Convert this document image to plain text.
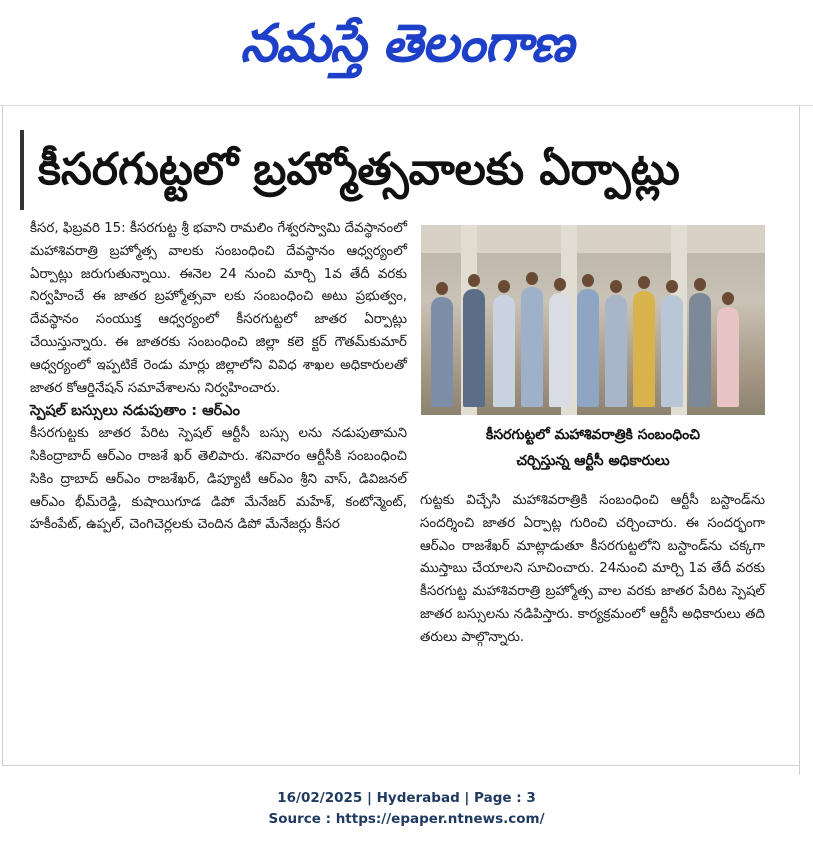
నమస్తే తెలంగాణ
కీసరగుట్టలో బ్రహ్మోత్సవాలకు ఏర్పాట్లు
కీసర, ఫిబ్రవరి 15: కీసరగుట్ట శ్రీ భవాని రామలిం గేశ్వరస్వామి దేవస్థానంలో మహాశివరాత్రి బ్రహ్మోత్స వాలకు సంబంధించి దేవస్థానం ఆధ్వర్యంలో ఏర్పాట్లు జరుగుతున్నాయి. ఈనెల 24 నుంచి మార్చి 1వ తేదీ వరకు నిర్వహించే ఈ జాతర బ్రహ్మోత్సవా లకు సంబంధించి అటు ప్రభుత్వం, దేవస్థానం సంయుక్త ఆధ్వర్యంలో కీసరగుట్టలో జాతర ఏర్పాట్లు చేయిస్తున్నారు. ఈ జాతరకు సంబంధించి జిల్లా కలె క్టర్ గౌతమ్‌కుమార్ ఆధ్వర్యంలో ఇప్పటికే రెండు మార్లు జిల్లాలోని వివిధ శాఖల అధికారులతో జాతర కోఆర్డినేషన్ సమావేశాలను నిర్వహించారు.
స్పెషల్ బస్సులు నడుపుతాం : ఆర్‌ఎం
కీసరగుట్టకు జాతర పేరిట స్పెషల్ ఆర్టీసీ బస్సు లను నడుపుతామని సికింద్రాబాద్ ఆర్‌ఎం రాజశే ఖర్ తెలిపారు. శనివారం ఆర్టీసీకి సంబంధించి సికిం ద్రాబాద్ ఆర్‌ఎం రాజశేఖర్, డిప్యూటీ ఆర్‌ఎం శ్రీని వాస్, డివిజనల్ ఆర్‌ఎం భీమ్‌రెడ్డి, కుషాయిగూడ డిపో మేనేజర్ మహేశ్, కంటోన్మెంట్, హకీంపేట్, ఉప్పల్, చెంగిచెర్లలకు చెందిన డిపో మేనేజర్లు కీసర
కీసరగుట్టలో మహాశివరాత్రికి సంబంధించి
చర్చిస్తున్న ఆర్టీసీ అధికారులు
గుట్టకు విచ్చేసి మహాశివరాత్రికి సంబంధించి ఆర్టీసీ బస్టాండ్‌ను సందర్శించి జాతర ఏర్పాట్ల గురించి చర్చించారు. ఈ సందర్భంగా ఆర్‌ఎం రాజశేఖర్ మాట్లాడుతూ కీసరగుట్టలోని బస్టాండ్‌ను చక్కగా ముస్తాబు చేయాలని సూచించారు. 24నుంచి మార్చి 1వ తేదీ వరకు కీసరగుట్ట మహాశివరాత్రి బ్రహ్మోత్స వాల వరకు జాతర పేరిట స్పెషల్ జాతర బస్సులను నడిపిస్తారు. కార్యక్రమంలో ఆర్టీసీ అధికారులు తది తరులు పాల్గొన్నారు.
16/02/2025 | Hyderabad | Page : 3
Source : https://epaper.ntnews.com/
